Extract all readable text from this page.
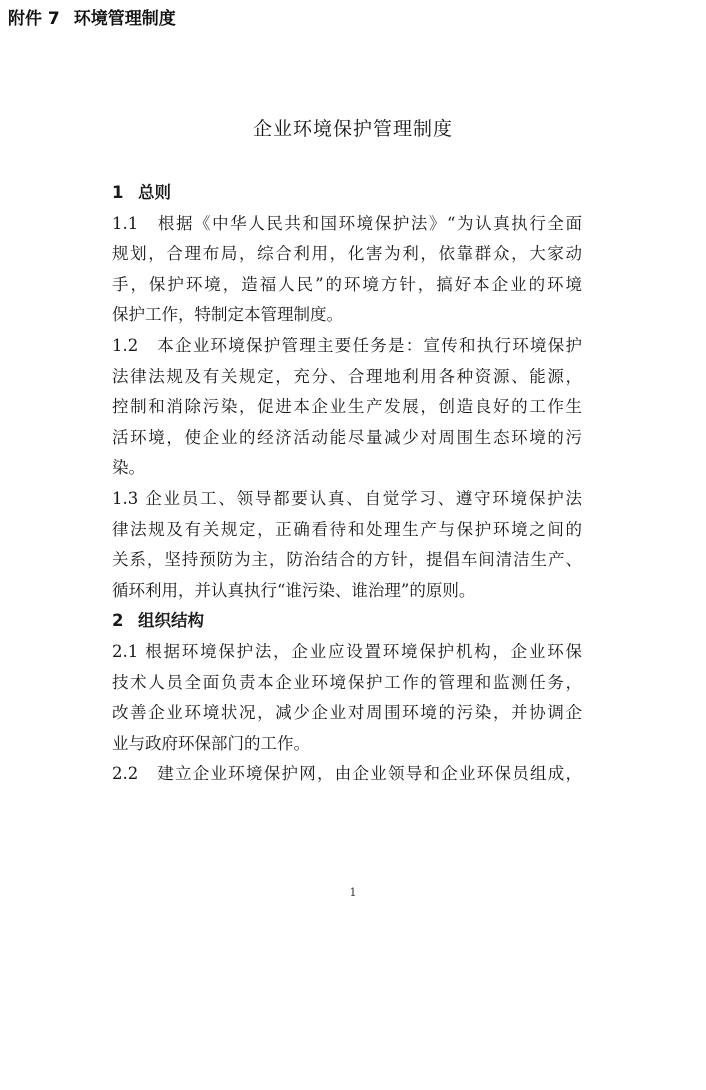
附件 7 环境管理制度
企业环境保护管理制度
1 总则
1.1　根据《中华人民共和国环境保护法》“为认真执行全面
规划，合理布局，综合利用，化害为利，依靠群众，大家动
手，保护环境，造福人民”的环境方针，搞好本企业的环境
保护工作，特制定本管理制度。
1.2　本企业环境保护管理主要任务是：宣传和执行环境保护
法律法规及有关规定，充分、合理地利用各种资源、能源，
控制和消除污染，促进本企业生产发展，创造良好的工作生
活环境，使企业的经济活动能尽量减少对周围生态环境的污
染。
1.3 企业员工、领导都要认真、自觉学习、遵守环境保护法
律法规及有关规定，正确看待和处理生产与保护环境之间的
关系，坚持预防为主，防治结合的方针，提倡车间清洁生产、
循环利用，并认真执行“谁污染、谁治理”的原则。
2 组织结构
2.1 根据环境保护法，企业应设置环境保护机构，企业环保
技术人员全面负责本企业环境保护工作的管理和监测任务，
改善企业环境状况，减少企业对周围环境的污染，并协调企
业与政府环保部门的工作。
2.2　建立企业环境保护网，由企业领导和企业环保员组成，
1
